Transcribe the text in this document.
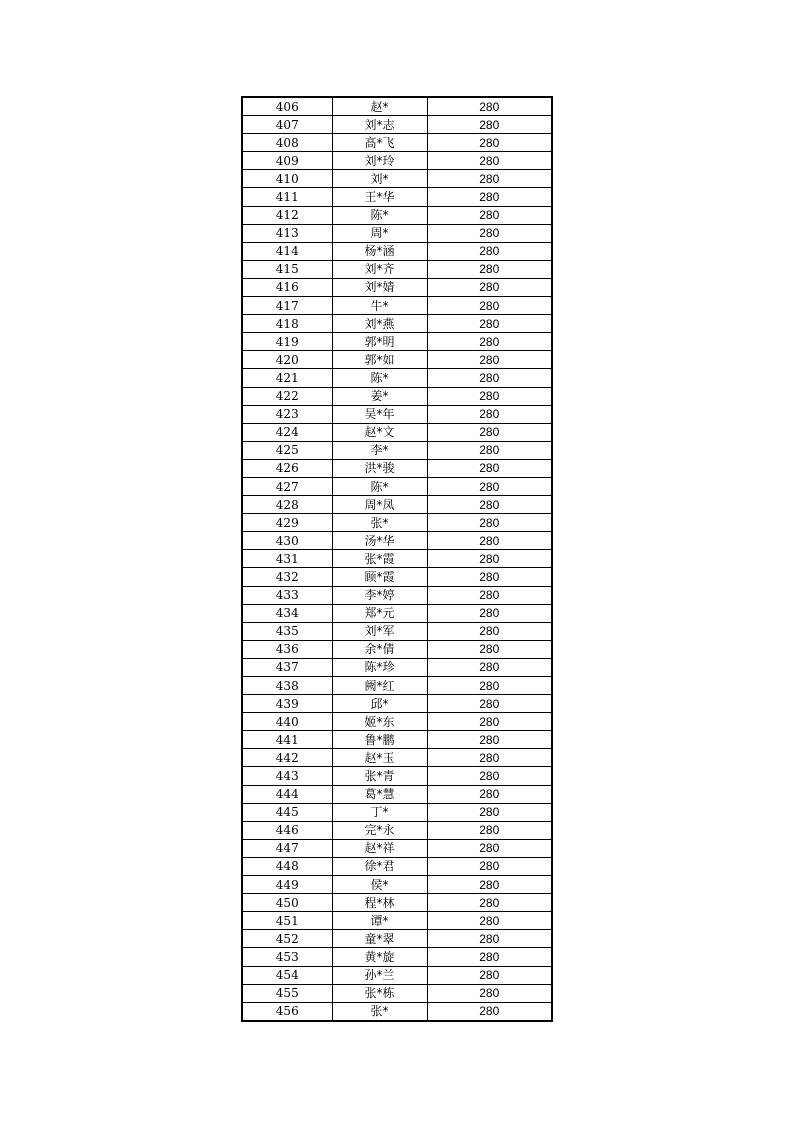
406	赵*	280
407	刘*志	280
408	高*飞	280
409	刘*玲	280
410	刘*	280
411	王*华	280
412	陈*	280
413	周*	280
414	杨*涵	280
415	刘*齐	280
416	刘*婧	280
417	牛*	280
418	刘*燕	280
419	郭*明	280
420	郭*如	280
421	陈*	280
422	姜*	280
423	吴*年	280
424	赵*文	280
425	李*	280
426	洪*骏	280
427	陈*	280
428	周*凤	280
429	张*	280
430	汤*华	280
431	张*霞	280
432	顾*霞	280
433	李*婷	280
434	郑*元	280
435	刘*军	280
436	余*倩	280
437	陈*珍	280
438	阙*红	280
439	邱*	280
440	姬*东	280
441	鲁*鹏	280
442	赵*玉	280
443	张*青	280
444	葛*慧	280
445	丁*	280
446	完*永	280
447	赵*祥	280
448	徐*君	280
449	侯*	280
450	程*林	280
451	谭*	280
452	童*翠	280
453	黄*旋	280
454	孙*兰	280
455	张*栋	280
456	张*	280
